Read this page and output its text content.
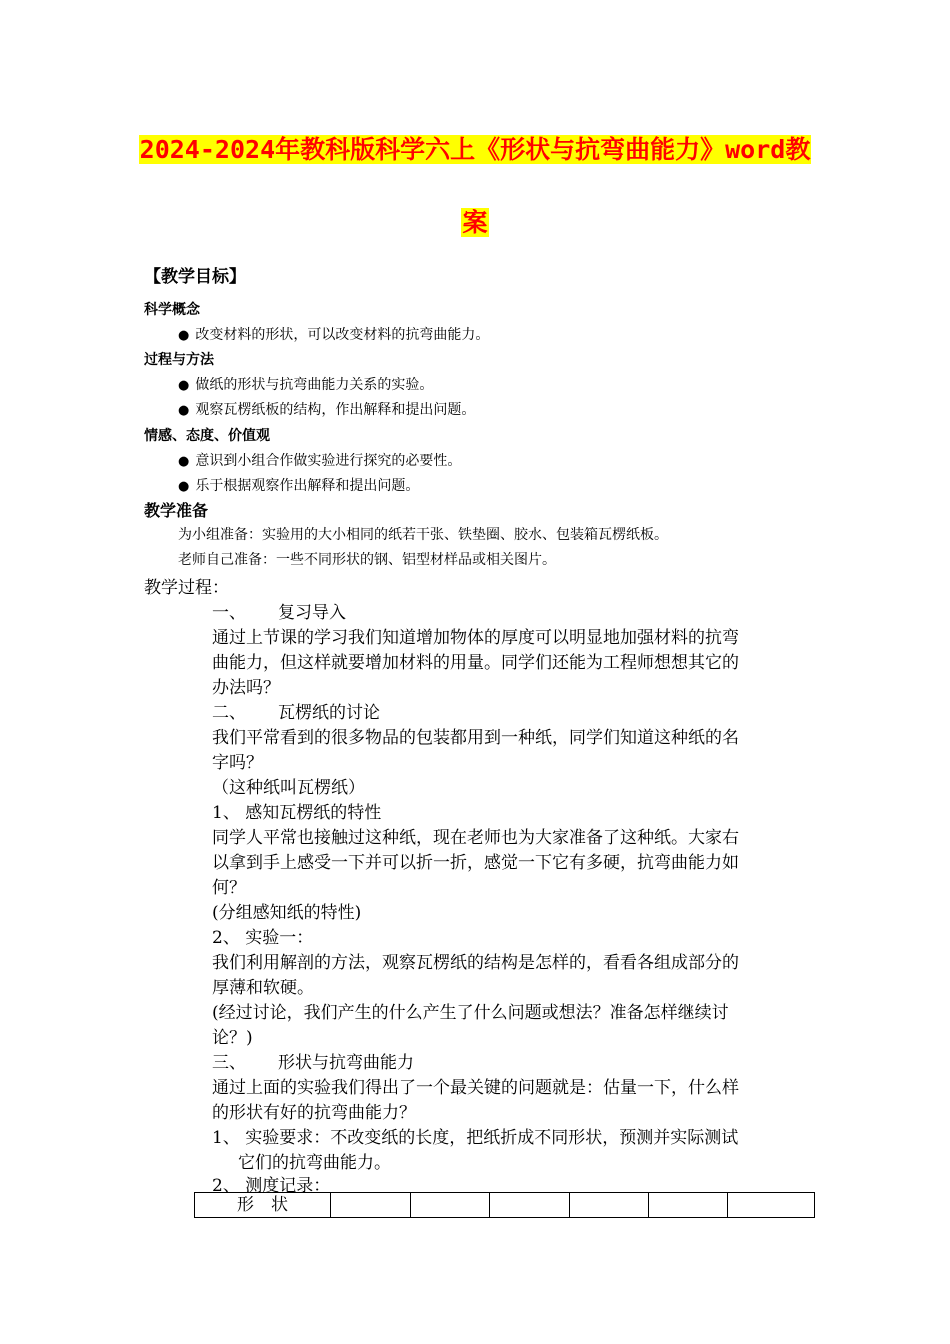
2024-2024年教科版科学六上《形状与抗弯曲能力》word教
案
【教学目标】
科学概念
● 改变材料的形状，可以改变材料的抗弯曲能力。
过程与方法
● 做纸的形状与抗弯曲能力关系的实验。
● 观察瓦楞纸板的结构，作出解释和提出问题。
情感、态度、价值观
● 意识到小组合作做实验进行探究的必要性。
● 乐于根据观察作出解释和提出问题。
教学准备
为小组准备：实验用的大小相同的纸若干张、铁垫圈、胶水、包装箱瓦楞纸板。
老师自己准备：一些不同形状的钢、铝型材样品或相关图片。
教学过程：
一、 复习导入
通过上节课的学习我们知道增加物体的厚度可以明显地加强材料的抗弯
曲能力，但这样就要增加材料的用量。同学们还能为工程师想想其它的
办法吗？
二、 瓦楞纸的讨论
我们平常看到的很多物品的包装都用到一种纸，同学们知道这种纸的名
字吗？
（这种纸叫瓦楞纸）
1、 感知瓦楞纸的特性
同学人平常也接触过这种纸，现在老师也为大家准备了这种纸。大家右
以拿到手上感受一下并可以折一折，感觉一下它有多硬，抗弯曲能力如
何？
(分组感知纸的特性)
2、 实验一：
我们利用解剖的方法，观察瓦楞纸的结构是怎样的，看看各组成部分的
厚薄和软硬。
(经过讨论，我们产生的什么产生了什么问题或想法？准备怎样继续讨
论？)
三、 形状与抗弯曲能力
通过上面的实验我们得出了一个最关键的问题就是：估量一下，什么样
的形状有好的抗弯曲能力？
1、 实验要求：不改变纸的长度，把纸折成不同形状，预测并实际测试
它们的抗弯曲能力。
2、 测度记录：
形　状
